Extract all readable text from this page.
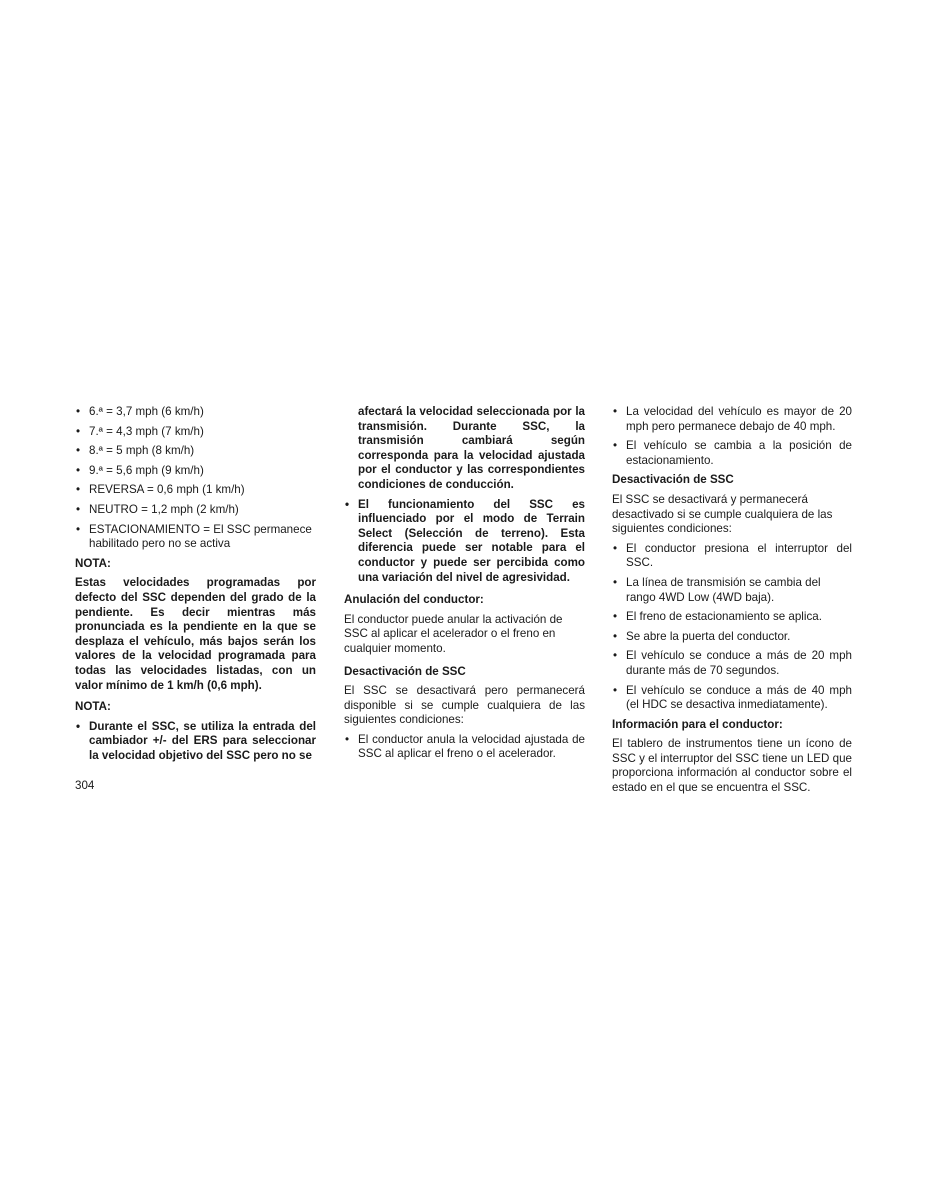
• 6.ª = 3,7 mph (6 km/h)
• 7.ª = 4,3 mph (7 km/h)
• 8.ª = 5 mph (8 km/h)
• 9.ª = 5,6 mph (9 km/h)
• REVERSA = 0,6 mph (1 km/h)
• NEUTRO = 1,2 mph (2 km/h)
• ESTACIONAMIENTO = El SSC permanece habilitado pero no se activa
NOTA:

Estas velocidades programadas por defecto del SSC dependen del grado de la pendiente. Es decir mientras más pronunciada es la pendiente en la que se desplaza el vehículo, más bajos serán los valores de la velocidad programada para todas las velocidades listadas, con un valor mínimo de 1 km/h (0,6 mph).

NOTA:
• Durante el SSC, se utiliza la entrada del cambiador +/- del ERS para seleccionar la velocidad objetivo del SSC pero no se
afectará la velocidad seleccionada por la transmisión. Durante SSC, la transmisión cambiará según corresponda para la velocidad ajustada por el conductor y las correspondientes condiciones de conducción.
• El funcionamiento del SSC es influenciado por el modo de Terrain Select (Selección de terreno). Esta diferencia puede ser notable para el conductor y puede ser percibida como una variación del nivel de agresividad.
Anulación del conductor:

El conductor puede anular la activación de SSC al aplicar el acelerador o el freno en cualquier momento.

Desactivación de SSC

El SSC se desactivará pero permanecerá disponible si se cumple cualquiera de las siguientes condiciones:

• El conductor anula la velocidad ajustada de SSC al aplicar el freno o el acelerador.
• La velocidad del vehículo es mayor de 20 mph pero permanece debajo de 40 mph.
• El vehículo se cambia a la posición de estacionamiento.
Desactivación de SSC

El SSC se desactivará y permanecerá desactivado si se cumple cualquiera de las siguientes condiciones:

• El conductor presiona el interruptor del SSC.
• La línea de transmisión se cambia del rango 4WD Low (4WD baja).
• El freno de estacionamiento se aplica.
• Se abre la puerta del conductor.
• El vehículo se conduce a más de 20 mph durante más de 70 segundos.
• El vehículo se conduce a más de 40 mph (el HDC se desactiva inmediatamente).
Información para el conductor:

El tablero de instrumentos tiene un ícono de SSC y el interruptor del SSC tiene un LED que proporciona información al conductor sobre el estado en el que se encuentra el SSC.

304
